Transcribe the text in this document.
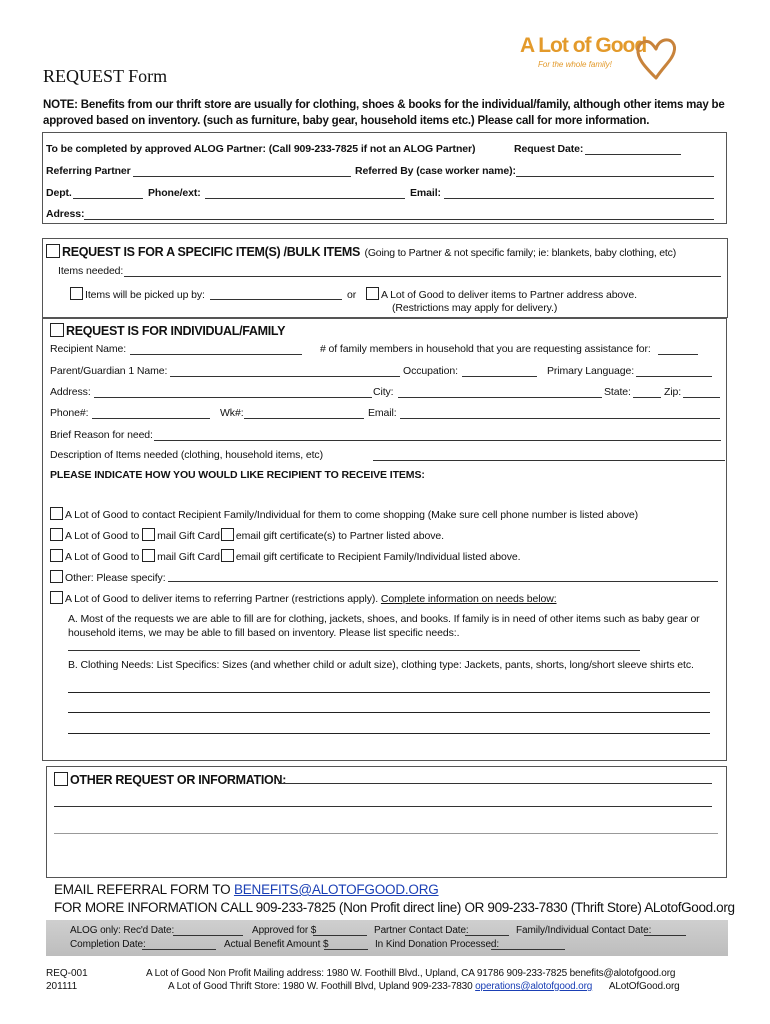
A Lot of Good
For the whole family!
REQUEST Form
NOTE: Benefits from our thrift store are usually for clothing, shoes & books for the individual/family, although other items may be
approved based on inventory. (such as furniture, baby gear, household items etc.) Please call for more information.
To be completed by approved ALOG Partner: (Call 909-233-7825 if not an ALOG Partner)	Request Date:
Referring Partner	Referred By (case worker name):
Dept.	Phone/ext:	Email:
Adress:
REQUEST IS FOR A SPECIFIC ITEM(S) /BULK ITEMS (Going to Partner & not specific family; ie: blankets, baby clothing, etc)
Items needed:
Items will be picked up by:	or	A Lot of Good to deliver items to Partner address above.
(Restrictions may apply for delivery.)
REQUEST IS FOR INDIVIDUAL/FAMILY
Recipient Name:	# of family members in household that you are requesting assistance for:
Parent/Guardian 1 Name:	Occupation:	Primary Language:
Address:	City:	State:	Zip:
Phone#:	Wk#:	Email:
Brief Reason for need:
Description of Items needed (clothing, household items, etc)
PLEASE INDICATE HOW YOU WOULD LIKE RECIPIENT TO RECEIVE ITEMS:
A Lot of Good to contact Recipient Family/Individual for them to come shopping (Make sure cell phone number is listed above)
A Lot of Good to mail Gift Card email gift certificate(s) to Partner listed above.
A Lot of Good to mail Gift Card email gift certificate to Recipient Family/Individual listed above.
Other: Please specify:
A Lot of Good to deliver items to referring Partner (restrictions apply). Complete information on needs below:
A. Most of the requests we are able to fill are for clothing, jackets, shoes, and books. If family is in need of other items such as baby gear or
household items, we may be able to fill based on inventory. Please list specific needs:.
B. Clothing Needs: List Specifics: Sizes (and whether child or adult size), clothing type: Jackets, pants, shorts, long/short sleeve shirts etc.
OTHER REQUEST OR INFORMATION:
EMAIL REFERRAL FORM TO BENEFITS@ALOTOFGOOD.ORG
FOR MORE INFORMATION CALL 909-233-7825 (Non Profit direct line) OR 909-233-7830 (Thrift Store) ALotofGood.org
ALOG only: Rec'd Date:	Approved for $	Partner Contact Date:	Family/Individual Contact Date:
Completion Date:	Actual Benefit Amount $	In Kind Donation Processed:
REQ-001
201111
A Lot of Good Non Profit Mailing address: 1980 W. Foothill Blvd., Upland, CA 91786 909-233-7825 benefits@alotofgood.org
A Lot of Good Thrift Store: 1980 W. Foothill Blvd, Upland 909-233-7830 operations@alotofgood.org ALotOfGood.org
